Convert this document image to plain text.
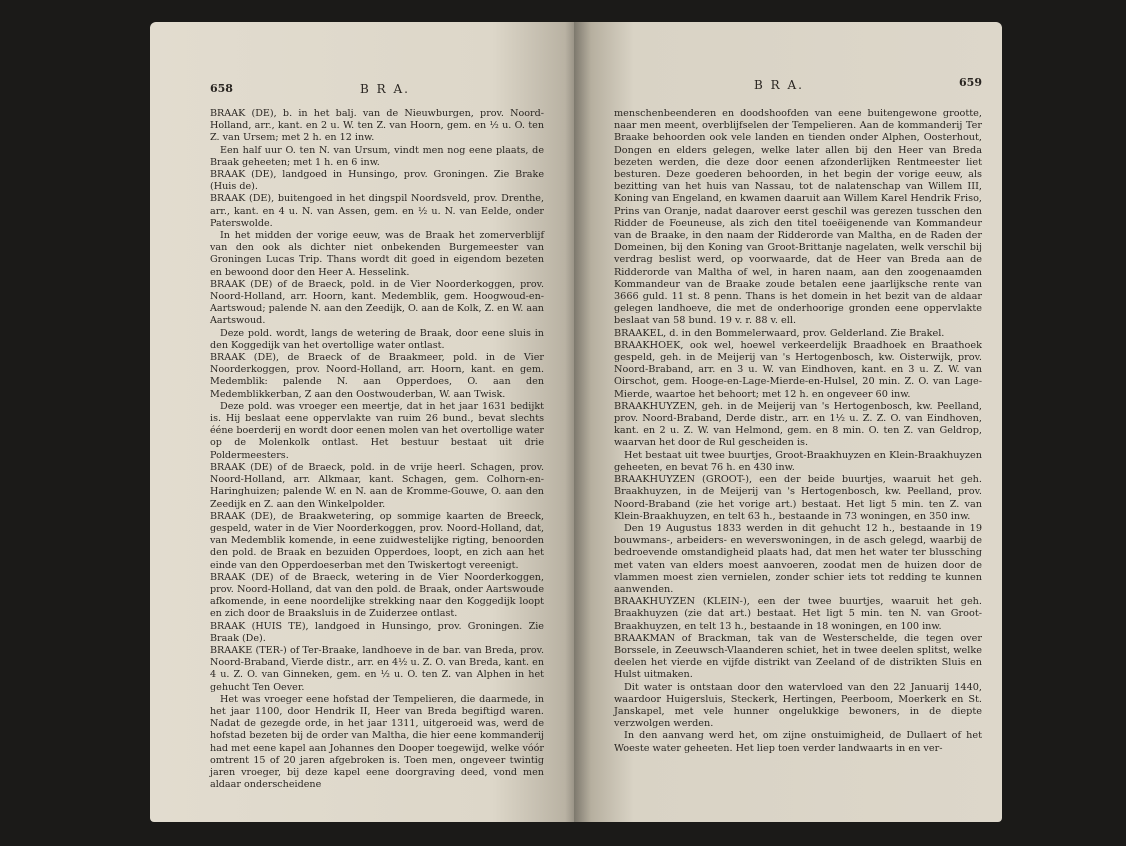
658	B R A.

BRAAK (DE), b. in het balj. van de Nieuwburgen, prov. Noord-Holland, arr., kant. en 2 u. W. ten Z. van Hoorn, gem. en ½ u. O. ten Z. van Ursem; met 2 h. en 12 inw.

Een half uur O. ten N. van Ursum, vindt men nog eene plaats, de Braak geheeten; met 1 h. en 6 inw.

BRAAK (DE), landgoed in Hunsingo, prov. Groningen. Zie Brake (Huis de).

BRAAK (DE), buitengoed in het dingspil Noordsveld, prov. Drenthe, arr., kant. en 4 u. N. van Assen, gem. en ½ u. N. van Eelde, onder Paterswolde.

In het midden der vorige eeuw, was de Braak het zomerverblijf van den ook als dichter niet onbekenden Burgemeester van Groningen Lucas Trip. Thans wordt dit goed in eigendom bezeten en bewoond door den Heer A. Hesselink.

BRAAK (DE) of de Braeck, pold. in de Vier Noorderkoggen, prov. Noord-Holland, arr. Hoorn, kant. Medemblik, gem. Hoogwoud-en-Aartswoud; palende N. aan den Zeedijk, O. aan de Kolk, Z. en W. aan Aartswoud.

Deze pold. wordt, langs de wetering de Braak, door eene sluis in den Koggedijk van het overtollige water ontlast.

BRAAK (DE), de Braeck of de Braakmeer, pold. in de Vier Noorderkoggen, prov. Noord-Holland, arr. Hoorn, kant. en gem. Medemblik: palende N. aan Opperdoes, O. aan den Medemblikkerban, Z aan den Oostwouderban, W. aan Twisk.

Deze pold. was vroeger een meertje, dat in het jaar 1631 bedijkt is. Hij beslaat eene oppervlakte van ruim 26 bund., bevat slechts ééne boerderij en wordt door eenen molen van het overtollige water op de Molenkolk ontlast. Het bestuur bestaat uit drie Poldermeesters.

BRAAK (DE) of de Braeck, pold. in de vrije heerl. Schagen, prov. Noord-Holland, arr. Alkmaar, kant. Schagen, gem. Colhorn-en-Haringhuizen; palende W. en N. aan de Kromme-Gouwe, O. aan den Zeedijk en Z. aan den Winkelpolder.

BRAAK (DE), de Braakwetering, op sommige kaarten de Breeck, gespeld, water in de Vier Noorderkoggen, prov. Noord-Holland, dat, van Medemblik komende, in eene zuidwestelijke rigting, benoorden den pold. de Braak en bezuiden Opperdoes, loopt, en zich aan het einde van den Opperdoeserban met den Twiskertogt vereenigt.

BRAAK (DE) of de Braeck, wetering in de Vier Noorderkoggen, prov. Noord-Holland, dat van den pold. de Braak, onder Aartswoude afkomende, in eene noordelijke strekking naar den Koggedijk loopt en zich door de Braaksluis in de Zuiderzee ontlast.

BRAAK (HUIS TE), landgoed in Hunsingo, prov. Groningen. Zie Braak (De).

BRAAKE (TER-) of Ter-Braake, landhoeve in de bar. van Breda, prov. Noord-Braband, Vierde distr., arr. en 4½ u. Z. O. van Breda, kant. en 4 u. Z. O. van Ginneken, gem. en ½ u. O. ten Z. van Alphen in het gehucht Ten Oever.

Het was vroeger eene hofstad der Tempelieren, die daarmede, in het jaar 1100, door Hendrik II, Heer van Breda begiftigd waren. Nadat de gezegde orde, in het jaar 1311, uitgeroeid was, werd de hofstad bezeten bij de order van Maltha, die hier eene kommanderij had met eene kapel aan Johannes den Dooper toegewijd, welke vóór omtrent 15 of 20 jaren afgebroken is. Toen men, ongeveer twintig jaren vroeger, bij deze kapel eene doorgraving deed, vond men aldaar onderscheidene

B R A.	659

menschenbeenderen en doodshoofden van eene buitengewone grootte, naar men meent, overblijfselen der Tempelieren. Aan de kommanderij Ter Braake behoorden ook vele landen en tienden onder Alphen, Oosterhout, Dongen en elders gelegen, welke later allen bij den Heer van Breda bezeten werden, die deze door eenen afzonderlijken Rentmeester liet besturen. Deze goederen behoorden, in het begin der vorige eeuw, als bezitting van het huis van Nassau, tot de nalatenschap van Willem III, Koning van Engeland, en kwamen daaruit aan Willem Karel Hendrik Friso, Prins van Oranje, nadat daarover eerst geschil was gerezen tusschen den Ridder de Foeuneuse, als zich den titel toeëigenende van Kommandeur van de Braake, in den naam der Ridderorde van Maltha, en de Raden der Domeinen, bij den Koning van Groot-Brittanje nagelaten, welk verschil bij verdrag beslist werd, op voorwaarde, dat de Heer van Breda aan de Ridderorde van Maltha of wel, in haren naam, aan den zoogenaamden Kommandeur van de Braake zoude betalen eene jaarlijksche rente van 3666 guld. 11 st. 8 penn. Thans is het domein in het bezit van de aldaar gelegen landhoeve, die met de onderhoorige gronden eene oppervlakte beslaat van 58 bund. 19 v. r. 88 v. ell.

BRAAKEL, d. in den Bommelerwaard, prov. Gelderland. Zie Brakel.

BRAAKHOEK, ook wel, hoewel verkeerdelijk Braadhoek en Braathoek gespeld, geh. in de Meijerij van 's Hertogenbosch, kw. Oisterwijk, prov. Noord-Braband, arr. en 3 u. W. van Eindhoven, kant. en 3 u. Z. W. van Oirschot, gem. Hooge-en-Lage-Mierde-en-Hulsel, 20 min. Z. O. van Lage-Mierde, waartoe het behoort; met 12 h. en ongeveer 60 inw.

BRAAKHUYZEN, geh. in de Meijerij van 's Hertogenbosch, kw. Peelland, prov. Noord-Braband, Derde distr., arr. en 1½ u. Z. Z. O. van Eindhoven, kant. en 2 u. Z. W. van Helmond, gem. en 8 min. O. ten Z. van Geldrop, waarvan het door de Rul gescheiden is.

Het bestaat uit twee buurtjes, Groot-Braakhuyzen en Klein-Braakhuyzen geheeten, en bevat 76 h. en 430 inw.

BRAAKHUYZEN (GROOT-), een der beide buurtjes, waaruit het geh. Braakhuyzen, in de Meijerij van 's Hertogenbosch, kw. Peelland, prov. Noord-Braband (zie het vorige art.) bestaat. Het ligt 5 min. ten Z. van Klein-Braakhuyzen, en telt 63 h., bestaande in 73 woningen, en 350 inw.

Den 19 Augustus 1833 werden in dit gehucht 12 h., bestaande in 19 bouwmans-, arbeiders- en weverswoningen, in de asch gelegd, waarbij de bedroevende omstandigheid plaats had, dat men het water ter blussching met vaten van elders moest aanvoeren, zoodat men de huizen door de vlammen moest zien vernielen, zonder schier iets tot redding te kunnen aanwenden.

BRAAKHUYZEN (KLEIN-), een der twee buurtjes, waaruit het geh. Braakhuyzen (zie dat art.) bestaat. Het ligt 5 min. ten N. van Groot-Braakhuyzen, en telt 13 h., bestaande in 18 woningen, en 100 inw.

BRAAKMAN of Brackman, tak van de Westerschelde, die tegen over Borssele, in Zeeuwsch-Vlaanderen schiet, het in twee deelen splitst, welke deelen het vierde en vijfde distrikt van Zeeland of de distrikten Sluis en Hulst uitmaken.

Dit water is ontstaan door den watervloed van den 22 Januarij 1440, waardoor Huigersluis, Steckerk, Hertingen, Peerboom, Moerkerk en St. Janskapel, met vele hunner ongelukkige bewoners, in de diepte verzwolgen werden.

In den aanvang werd het, om zijne onstuimigheid, de Dullaert of het Woeste water geheeten. Het liep toen verder landwaarts in en ver-
